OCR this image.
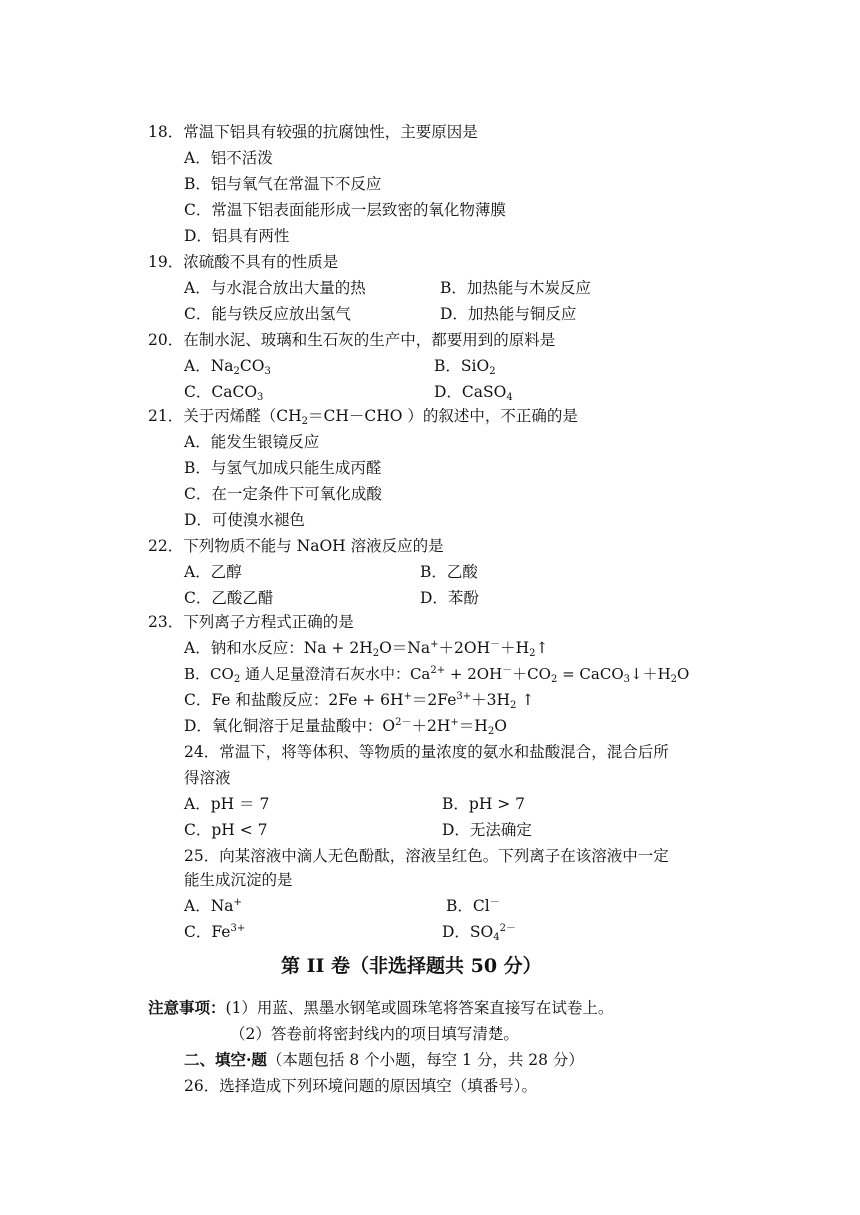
18．常温下铝具有较强的抗腐蚀性，主要原因是
A．铝不活泼
B．铝与氧气在常温下不反应
C．常温下铝表面能形成一层致密的氧化物薄膜
D．铝具有两性
19．浓硫酸不具有的性质是
A．与水混合放出大量的热	B．加热能与木炭反应
C．能与铁反应放出氢气	D．加热能与铜反应
20．在制水泥、玻璃和生石灰的生产中，都要用到的原料是
A．$Na_2CO_3$	B．SiO$_2$
C．CaCO$_3$	D．CaSO$_4$
21．关于丙烯醛（$CH_2=CH-CHO$ ）的叙述中，不正确的是
A．能发生银镜反应
B．与氢气加成只能生成丙醛
C．在一定条件下可氧化成酸
D．可使溴水褪色
22．下列物质不能与 NaOH 溶液反应的是
A．乙醇	B．乙酸
C．乙酸乙醋	D．苯酚
23．下列离子方程式正确的是
A．钠和水反应：$Na + 2H_2O=Na^++2OH^-+H_2↑$
B．$CO_2$ 通人足量澄清石灰水中：$Ca^{2+} + 2OH^-+CO_2$ = $CaCO_3↓+H_2O$
C．Fe 和盐酸反应：$2Fe + 6H^+=2Fe^{3+}+3H_2$ ↑
D．氧化铜溶于足量盐酸中：$O^{2-}+2H^+=H_2O$
24．常温下，将等体积、等物质的量浓度的氨水和盐酸混合，混合后所
得溶液
A．pH ＝ 7	B．pH > 7
C．pH < 7	D．无法确定
25．向某溶液中滴人无色酚酞，溶液呈红色。下列离子在该溶液中一定
能生成沉淀的是
A．Na+	B．Cl－
C．$Fe^{3+}$	D．$SO_4^{2-}$
第 II 卷（非选择题共 50 分）
注意事项：(1）用蓝、黑墨水钢笔或圆珠笔将答案直接写在试卷上。
（2）答卷前将密封线内的项目填写清楚。
二、填空·题（本题包括 8 个小题，每空 1 分，共 28 分）
26．选择造成下列环境问题的原因填空（填番号）。
